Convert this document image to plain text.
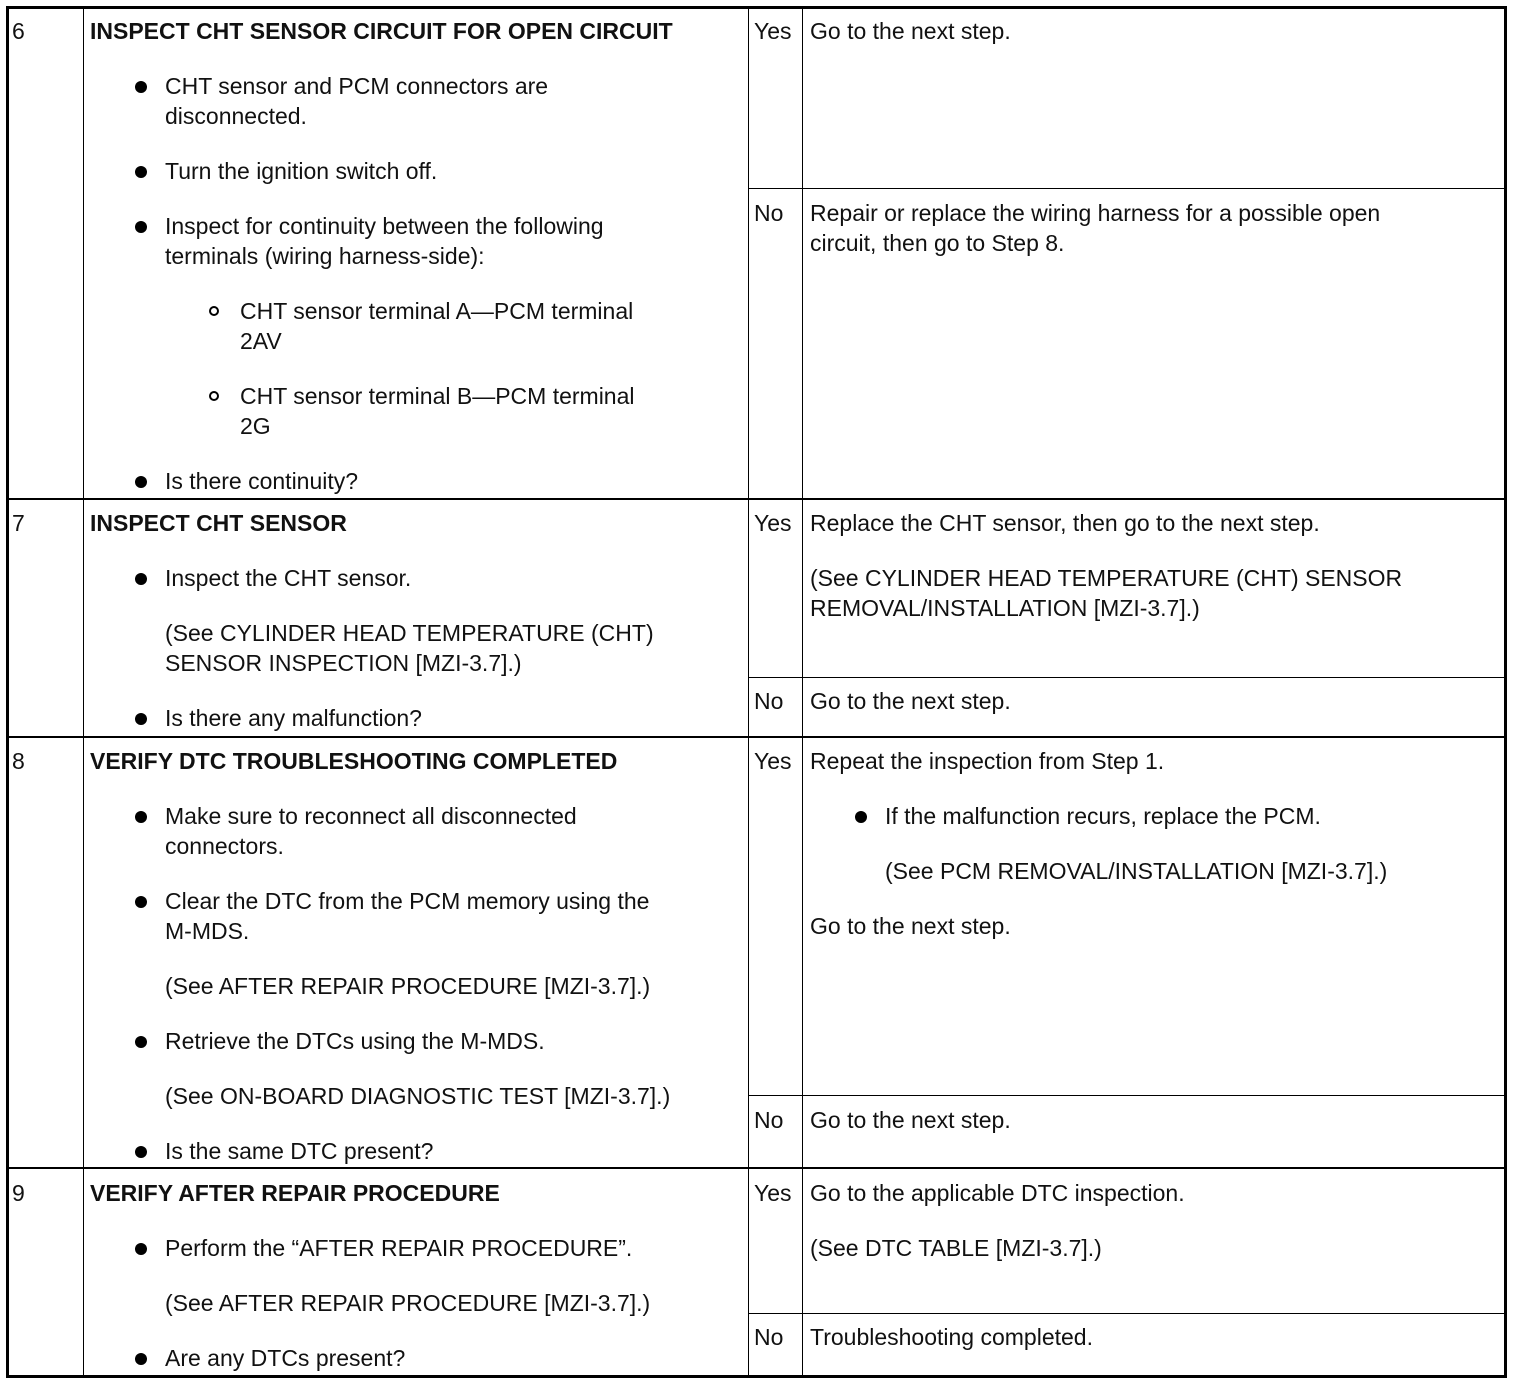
6	INSPECT CHT SENSOR CIRCUIT FOR OPEN CIRCUIT

CHT sensor and PCM connectors are

disconnected.

Turn the ignition switch off.

Inspect for continuity between the following

terminals (wiring harness-side):

CHT sensor terminal A—PCM terminal

2AV

CHT sensor terminal B—PCM terminal

2G

Is there continuity?

Yes Go to the next step.

No Repair or replace the wiring harness for a possible open

circuit, then go to Step 8.

7	INSPECT CHT SENSOR

Inspect the CHT sensor.

(See CYLINDER HEAD TEMPERATURE (CHT)

SENSOR INSPECTION [MZI-3.7].)

Is there any malfunction?

Yes Replace the CHT sensor, then go to the next step.

(See CYLINDER HEAD TEMPERATURE (CHT) SENSOR

REMOVAL/INSTALLATION [MZI-3.7].)

No Go to the next step.

8	VERIFY DTC TROUBLESHOOTING COMPLETED

Make sure to reconnect all disconnected

connectors.

Clear the DTC from the PCM memory using the

M-MDS.

(See AFTER REPAIR PROCEDURE [MZI-3.7].)

Retrieve the DTCs using the M-MDS.

(See ON-BOARD DIAGNOSTIC TEST [MZI-3.7].)

Is the same DTC present?

Yes Repeat the inspection from Step 1.

If the malfunction recurs, replace the PCM.

(See PCM REMOVAL/INSTALLATION [MZI-3.7].)

Go to the next step.

No Go to the next step.

9	VERIFY AFTER REPAIR PROCEDURE

Perform the “AFTER REPAIR PROCEDURE”.

(See AFTER REPAIR PROCEDURE [MZI-3.7].)

Are any DTCs present?

Yes Go to the applicable DTC inspection.

(See DTC TABLE [MZI-3.7].)

No Troubleshooting completed.
